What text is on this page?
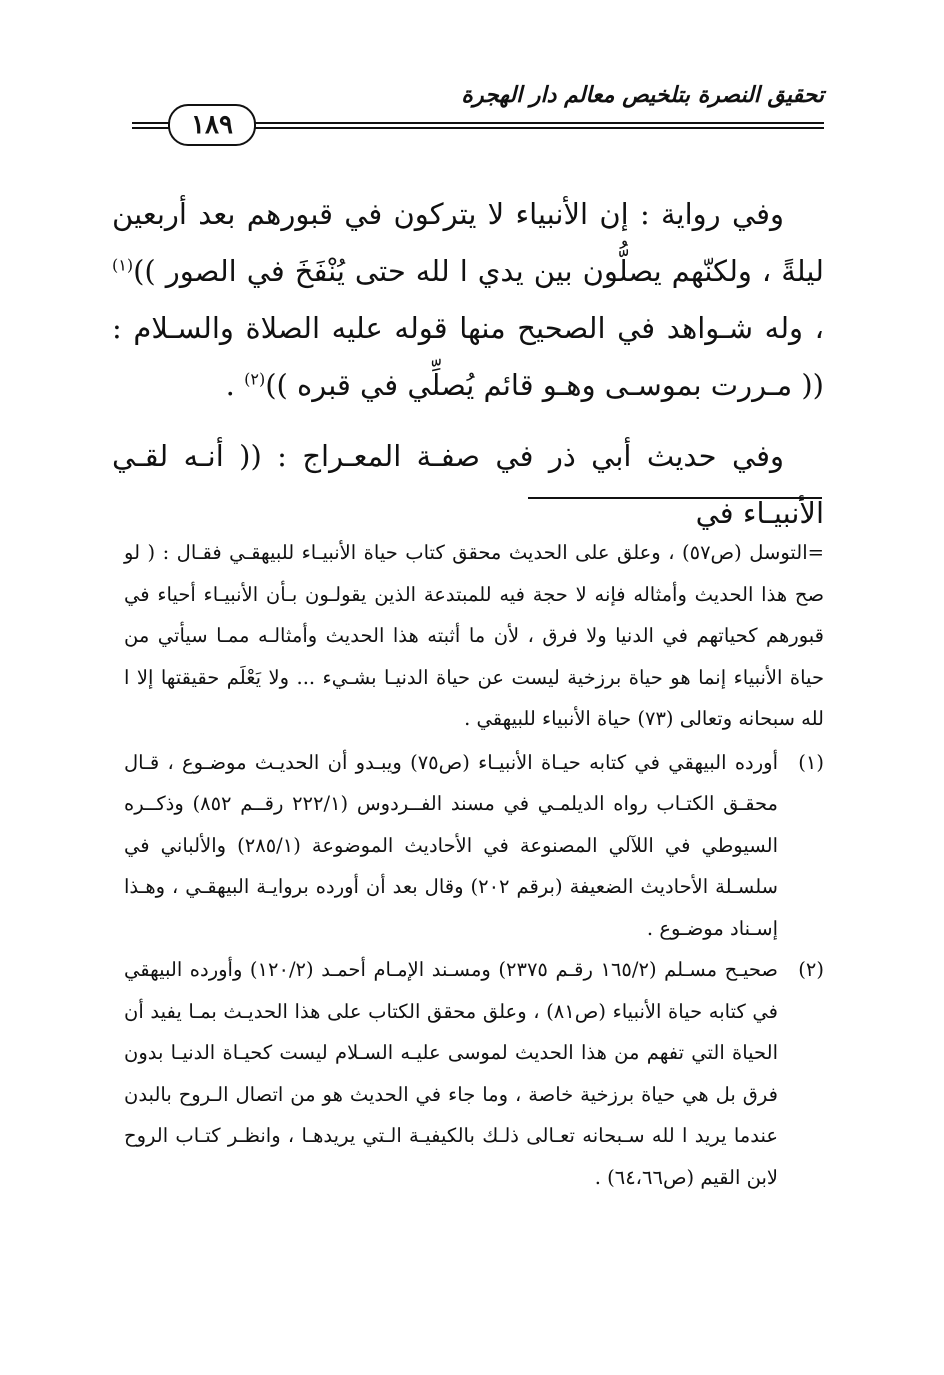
تحقيق النصرة بتلخيص معالم دار الهجرة
١٨٩

وفي رواية : إن الأنبياء لا يتركون في قبورهم بعد أربعين ليلةً ، ولكنّهم يصلُّون بين يدي ا لله حتى يُنْفَخَ في الصور ))$^{(١)}$ ، وله شـواهد في الصحيح منها قوله عليه الصلاة والسـلام : (( مـررت بموسـى وهـو قائم يُصلِّي في قبره ))$^{(٢)}$ .

وفي حديث أبي ذر في صفـة المعـراج : (( أنـه لقـي الأنبيـاء في

=التوسل (ص٥٧) ، وعلق على الحديث محقق كتاب حياة الأنبيـاء للبيهقـي فقـال : ( لو صح هذا الحديث وأمثاله فإنه لا حجة فيه للمبتدعة الذين يقولـون بـأن الأنبيـاء أحياء في قبورهم كحياتهم في الدنيا ولا فرق ، لأن ما أثبته هذا الحديث وأمثالـه ممـا سيأتي من حياة الأنبياء إنما هو حياة برزخية ليست عن حياة الدنيـا بشـيء ... ولا يَعْلَم حقيقتها إلا ا لله سبحانه وتعالى (٧٣) حياة الأنبياء للبيهقي .

(١)
أورده البيهقي في كتابه حيـاة الأنبيـاء (ص٧٥) ويبـدو أن الحديـث موضـوع ، قـال محقـق الكتـاب رواه الديلمـي في مسند الفــردوس (٢٢٢/١ رقــم ٨٥٢) وذكــره السيوطي في اللآلي المصنوعة في الأحاديث الموضوعة (٢٨٥/١) والألباني في سلسـلة الأحاديث الضعيفة (برقم ٢٠٢) وقال بعد أن أورده بروايـة البيهقـي ، وهـذا إسـناد موضـوع .
(٢)
صحيـح مسـلم (١٦٥/٢ رقـم ٢٣٧٥) ومسـند الإمـام أحمـد (١٢٠/٢) وأورده البيهقي في كتابه حياة الأنبياء (ص٨١) ، وعلق محقق الكتاب على هذا الحديـث بمـا يفيد أن الحياة التي تفهم من هذا الحديث لموسى عليـه السـلام ليست كحيـاة الدنيـا بدون فرق بل هي حياة برزخية خاصة ، وما جاء في الحديث هو من اتصال الـروح بالبدن عندما يريد ا لله سـبحانه تعـالى ذلـك بالكيفيـة الـتي يريدهـا ، وانظـر كتـاب الروح لابن القيم (ص٦٤،٦٦) .
